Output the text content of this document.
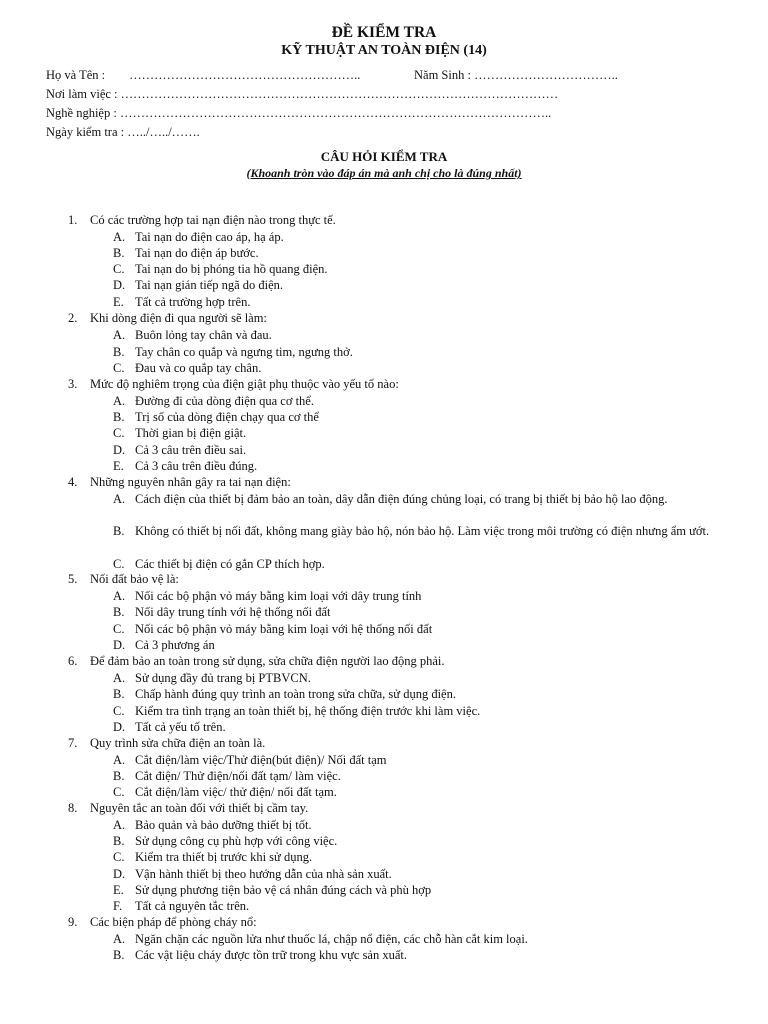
ĐỀ KIỂM TRA
KỸ THUẬT AN TOÀN ĐIỆN (14)
Họ và Tên : ………………………………………………..	Năm Sinh : ……………………………..
Nơi làm việc : ……………………………………………………………………………………………
Nghề nghiệp : …………………………………………………………………………………………..
Ngày kiểm tra : …../…../…….
CÂU HỎI KIỂM TRA
(Khoanh tròn vào đáp án mà anh chị cho là đúng nhất)
1. Có các trường hợp tai nạn điện nào trong thực tế.
A. Tai nạn do điện cao áp, hạ áp.
B. Tai nạn do điện áp bước.
C. Tai nạn do bị phóng tia hồ quang điện.
D. Tai nạn gián tiếp ngã do điện.
E. Tất cả trường hợp trên.
2. Khi dòng điện đi qua người sẽ làm:
A. Buôn lỏng tay chân và đau.
B. Tay chân co quắp và ngưng tim, ngưng thở.
C. Đau và co quắp tay chân.
3. Mức độ nghiêm trọng của điện giật phụ thuộc vào yếu tố nào:
A. Đường đi của dòng điện qua cơ thể.
B. Trị số của dòng điện chạy qua cơ thể
C. Thời gian bị điện giật.
D. Cả 3 câu trên điều sai.
E. Cả 3 câu trên điều đúng.
4. Những nguyên nhân gây ra tai nạn điện:
A. Cách điện của thiết bị đảm bảo an toàn, dây dẫn điện đúng chủng loại, có trang bị thiết bị bảo hộ lao động.
B. Không có thiết bị nối đất, không mang giày bảo hộ, nón bảo hộ. Làm việc trong môi trường có điện nhưng ẩm ướt.
C. Các thiết bị điện có gắn CP thích hợp.
5. Nối đất bảo vệ là:
A. Nối các bộ phận vỏ máy bằng kim loại với dây trung tính
B. Nối dây trung tính với hệ thống nối đất
C. Nối các bộ phận vỏ máy bằng kim loại với hệ thống nối đất
D. Cả 3 phương án
6. Để đảm bảo an toàn trong sử dụng, sửa chữa điện người lao động phải.
A. Sử dụng đầy đủ trang bị PTBVCN.
B. Chấp hành đúng quy trình an toàn trong sửa chữa, sử dụng điện.
C. Kiểm tra tình trạng an toàn thiết bị, hệ thống điện trước khi làm việc.
D. Tất cả yếu tố trên.
7. Quy trình sửa chữa điện an toàn là.
A. Cắt điện/làm việc/Thử điện(bút điện)/ Nối đất tạm
B. Cắt điện/ Thử điện/nối đất tạm/ làm việc.
C. Cắt điện/làm việc/ thử điện/ nối đất tạm.
8. Nguyên tắc an toàn đối với thiết bị cầm tay.
A. Bảo quản và bảo dưỡng thiết bị tốt.
B. Sử dụng công cụ phù hợp với công việc.
C. Kiểm tra thiết bị trước khi sử dụng.
D. Vận hành thiết bị theo hướng dẫn của nhà sản xuất.
E. Sử dụng phương tiện bảo vệ cá nhân đúng cách và phù hợp
F. Tất cả nguyên tắc trên.
9. Các biện pháp để phòng cháy nổ:
A. Ngăn chặn các nguồn lửa như thuốc lá, chập nổ điện, các chỗ hàn cắt kim loại.
B. Các vật liệu cháy được tồn trữ trong khu vực sản xuất.
